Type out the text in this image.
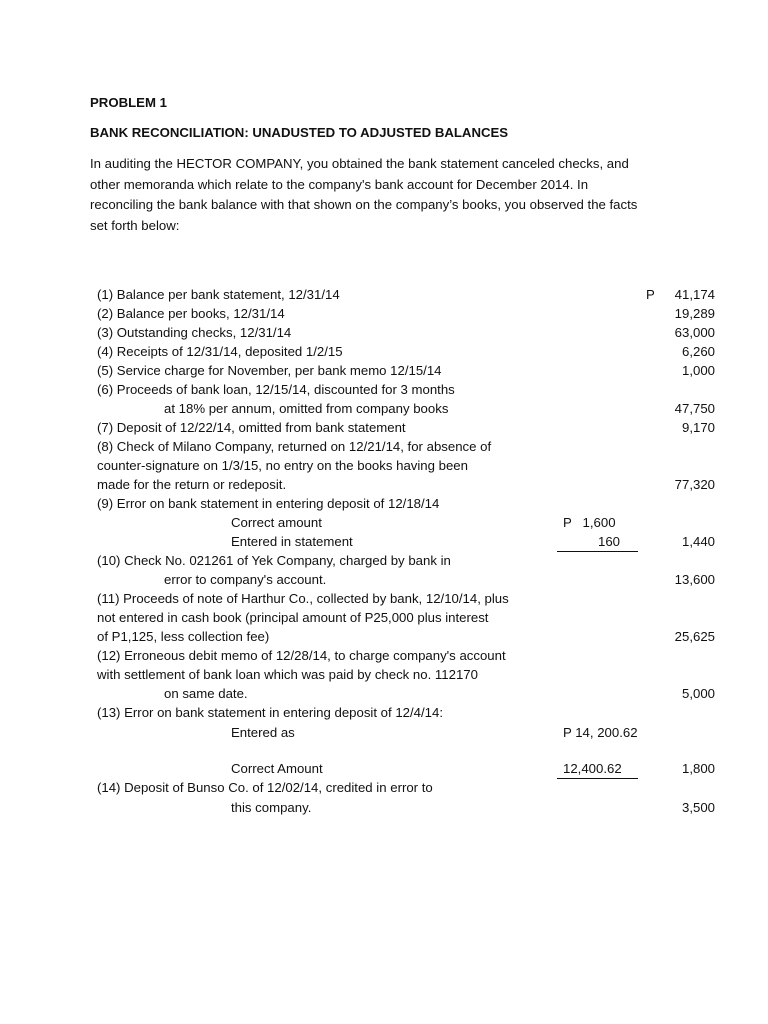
PROBLEM 1
BANK RECONCILIATION: UNADUSTED TO ADJUSTED BALANCES
In auditing the HECTOR COMPANY, you obtained the bank statement canceled checks, and
other memoranda which relate to the company's bank account for December 2014. In
reconciling the bank balance with that shown on the company’s books, you observed the facts
set forth below:
(1) Balance per bank statement, 12/31/14	P	41,174
(2) Balance per books, 12/31/14	19,289
(3) Outstanding checks, 12/31/14	63,000
(4) Receipts of 12/31/14, deposited 1/2/15	6,260
(5) Service charge for November, per bank memo 12/15/14	1,000
(6) Proceeds of bank loan, 12/15/14, discounted for 3 months
at 18% per annum, omitted from company books	47,750
(7) Deposit of 12/22/14, omitted from bank statement	9,170
(8) Check of Milano Company, returned on 12/21/14, for absence of
counter-signature on 1/3/15, no entry on the books having been
made for the return or redeposit.	77,320
(9) Error on bank statement in entering deposit of 12/18/14
Correct amount	P   1,600
Entered in statement	160	1,440
(10) Check No. 021261 of Yek Company, charged by bank in
error to company's account.	13,600
(11) Proceeds of note of Harthur Co., collected by bank, 12/10/14, plus
not entered in cash book (principal amount of P25,000 plus interest
of P1,125, less collection fee)	25,625
(12) Erroneous debit memo of 12/28/14, to charge company's account
with settlement of bank loan which was paid by check no. 112170
on same date.	5,000
(13) Error on bank statement in entering deposit of 12/4/14:
Entered as	P 14, 200.62
Correct Amount	12,400.62	1,800
(14) Deposit of Bunso Co. of 12/02/14, credited in error to
this company.	3,500
